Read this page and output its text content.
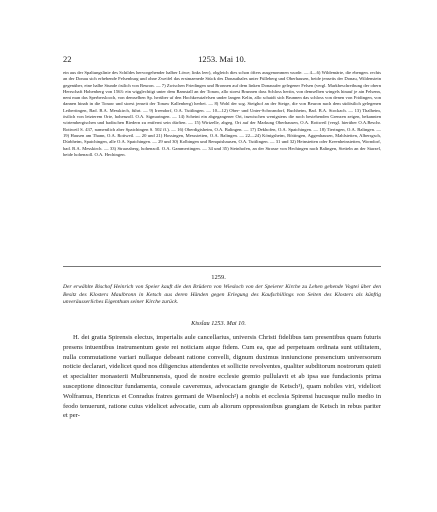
22	1253. Mai 10.
ein aus der Spaltungslinie des Schildes hervorgehender halber Löwe; links leer), obgleich dies schon öfters ausgenommen wurde. — 4—6) Wildemärte, die ebengen. rechts an der Donau sich erhebende Felsenburg und ohne Zweifel das erstmaenede Stück des Donauthales unter Fülleberg und Oberhausen, beide jenseits der Donau, Wildenstein gegenüber, eine halbe Stunde östlich von Beuron. — 7) Zwischen Friedingen und Bronnen auf dem linken Donauufer gelegener Felsen (vergl. Markbeschreibung der obern Herrschaft Hohenberg von 1563: ein wigglechtigt unter dem Ramstall an der Tonaw, allo stoest Brunnen dass Schloss hertin, von demselben wingels hinauf je ain Felsenn, nent man das Sperberslooch, von demselben Sp. herüber uf den Hochkreutzfelsen under langen Kelin, allo schaidt sich Brunnen das schloss von denen von Fridingen, von dannen hinab in die Tonaw und stoest jenseit der Tonaw Kallenberg) herbei. — 8) Wohl der sog. Steighof an der Steige, die von Beuron nach dem südöstlich gelegenen Leibertingen, Bad. B.A. Messkirch, führt. — 9) Irrendorf, O.A. Tuttlingen. — 10—12) Ober- und Unter-Schwandorf, Buchheim, Bad. B.A. Stockach. — 13) Thalheim, östlich von letzterem Orte, hohenzoll. O.A. Sigmaringen. — 14) Scheint ein abgegangener Ort, inzwischen wenigstens die noch bestehenden Grenzen zeigen, bekannten wirtembergischen und badischen Riedern zu entfernt sein dürften. — 15) Wirtzelle, abgeg. Ort auf der Markung Oberhausen, O.A. Rottweil (vergl. hierüber O.A.Beschr. Rottweil S. 437, namentlich aber Spaichingen S. 502 ff.). — 16) Oberdigisheim, O.A. Balingen. — 17) Dekhofen, O.A. Spaichingen. — 18) Tieringen, O.A. Balingen. — 19) Hausen am Thann, O.A. Rottweil. — 20 und 21) Hossingen, Messstetten, O.A. Balingen. — 22—24) Königsheim, Böttingen, Aggenhausen, Mahlstetten, Albersgsch, Dürbheim, Spaichingen, alle O.A. Spaichingen. — 29 und 30) Kolbingen und Renquishausen, O.A. Tuttlingen. — 31 und 32) Heinstetten oder Kreenheinstetten, Worndorf, bad. B.A. Messkirch. — 33) Straassberg, hohenzoll. O.A. Gammertingen. — 34 und 35) Steinhofen, an der Strasse von Hechingen nach Balingen, Stetteln an der Starzel, beide hohenzoll. O.A. Hechingen.
1259.
Der erwählte Bischof Heinrich von Speier kauft die den Brüdern von Wiesloch von der Speierer Kirche zu Lehen gehende Vogtei über den Besitz des Klosters Maulbronn in Ketsch aus deren Händen gegen Erlegung des Kaufschillings von Seiten des Klosters als künftig unveräusserliches Eigenthum seiner Kirche zurück.
Kisslau 1253. Mai 10.

H. dei gratia Spirensis electus, imperialis aule cancellarius, universis Christi fidelibus tam presentibus quam futuris presens intuentibus instrumentum geste rei noticiam atque fidem. Cum ea, que ad perpetuam ordinata sunt utilitatem, nulla commutatione variari nullaque debeant ratione convelli, dignum duximus inniuncione presencium universorum noticie declarari, videlicet quod nos diligencius attendentes et sollicite revolventes, qualiter subditorum nostrorum quieti et specialiter monasterii Mulbrunnensis, quod de nostre ecclesie gremio pullulavit et ab ipsa sue fundacionis prima susceptione dinoscitur fundamenta, consule caveremus, advocaciam grangie de Ketsch¹), quam nobiles viri, videlicet Wolframus, Henricus et Conradus fratres germani de Wisenloch²) a nobis et ecclesia Spirensi hucusque nullo medio in feodo tenuerunt, ratione cuius videlicet advocatie, cum ab aliorum oppressionibus grangiam de Ketsch in rebus pariter et per-
